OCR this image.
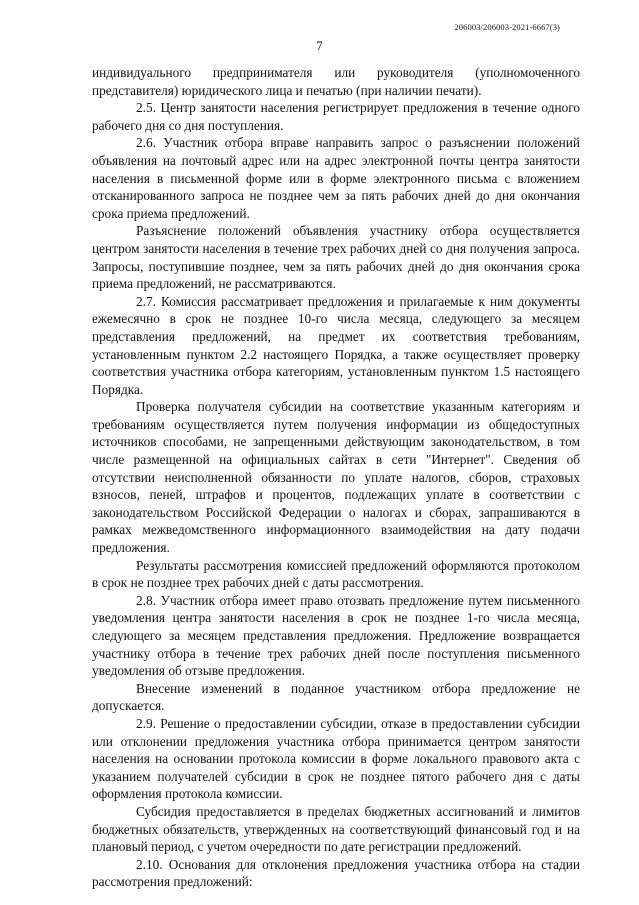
206003/206003-2021-6667(3)
7

индивидуального предпринимателя или руководителя (уполномоченного представителя) юридического лица и печатью (при наличии печати).

2.5. Центр занятости населения регистрирует предложения в течение одного рабочего дня со дня поступления.

2.6. Участник отбора вправе направить запрос о разъяснении положений объявления на почтовый адрес или на адрес электронной почты центра занятости населения в письменной форме или в форме электронного письма с вложением отсканированного запроса не позднее чем за пять рабочих дней до дня окончания срока приема предложений.

Разъяснение положений объявления участнику отбора осуществляется центром занятости населения в течение трех рабочих дней со дня получения запроса. Запросы, поступившие позднее, чем за пять рабочих дней до дня окончания срока приема предложений, не рассматриваются.

2.7. Комиссия рассматривает предложения и прилагаемые к ним документы ежемесячно в срок не позднее 10-го числа месяца, следующего за месяцем представления предложений, на предмет их соответствия требованиям, установленным пунктом 2.2 настоящего Порядка, а также осуществляет проверку соответствия участника отбора категориям, установленным пунктом 1.5 настоящего Порядка.

Проверка получателя субсидии на соответствие указанным категориям и требованиям осуществляется путем получения информации из общедоступных источников способами, не запрещенными действующим законодательством, в том числе размещенной на официальных сайтах в сети "Интернет". Сведения об отсутствии неисполненной обязанности по уплате налогов, сборов, страховых взносов, пеней, штрафов и процентов, подлежащих уплате в соответствии с законодательством Российской Федерации о налогах и сборах, запрашиваются в рамках межведомственного информационного взаимодействия на дату подачи предложения.

Результаты рассмотрения комиссией предложений оформляются протоколом в срок не позднее трех рабочих дней с даты рассмотрения.

2.8. Участник отбора имеет право отозвать предложение путем письменного уведомления центра занятости населения в срок не позднее 1-го числа месяца, следующего за месяцем представления предложения. Предложение возвращается участнику отбора в течение трех рабочих дней после поступления письменного уведомления об отзыве предложения.

Внесение изменений в поданное участником отбора предложение не допускается.

2.9. Решение о предоставлении субсидии, отказе в предоставлении субсидии или отклонении предложения участника отбора принимается центром занятости населения на основании протокола комиссии в форме локального правового акта с указанием получателей субсидии в срок не позднее пятого рабочего дня с даты оформления протокола комиссии.

Субсидия предоставляется в пределах бюджетных ассигнований и лимитов бюджетных обязательств, утвержденных на соответствующий финансовый год и на плановый период, с учетом очередности по дате регистрации предложений.

2.10. Основания для отклонения предложения участника отбора на стадии рассмотрения предложений:
